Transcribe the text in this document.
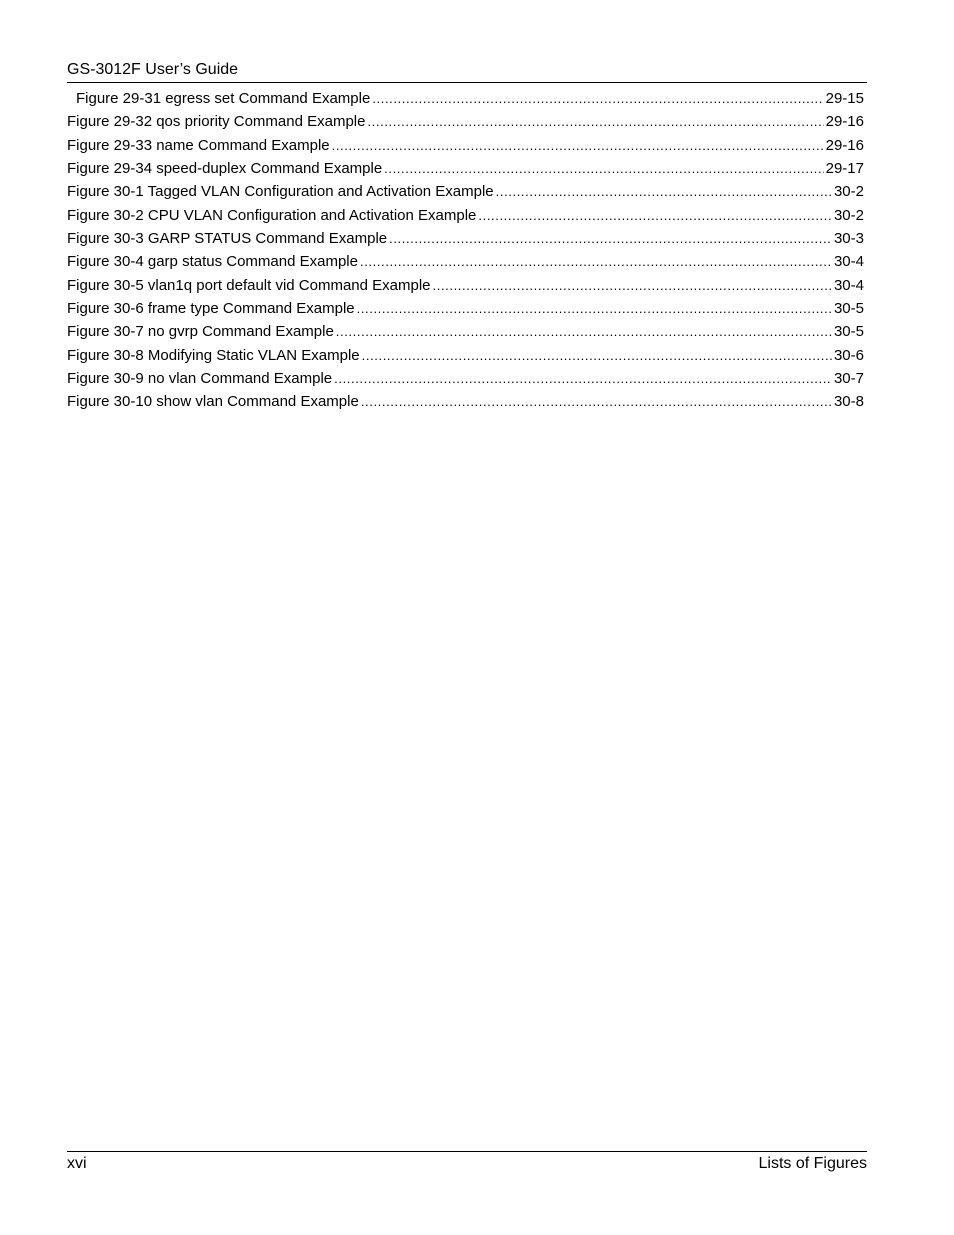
GS-3012F User’s Guide
Figure 29-31 egress set Command Example .....	29-15
Figure 29-32 qos priority Command Example .....	29-16
Figure 29-33 name Command Example .....	29-16
Figure 29-34 speed-duplex Command Example .....	29-17
Figure 30-1 Tagged VLAN Configuration and Activation Example .....	30-2
Figure 30-2 CPU VLAN Configuration and Activation Example .....	30-2
Figure 30-3 GARP STATUS Command Example .....	30-3
Figure 30-4 garp status Command Example .....	30-4
Figure 30-5 vlan1q port default vid Command Example .....	30-4
Figure 30-6 frame type Command Example .....	30-5
Figure 30-7 no gvrp Command Example .....	30-5
Figure 30-8 Modifying Static VLAN Example .....	30-6
Figure 30-9 no vlan Command Example .....	30-7
Figure 30-10 show vlan Command Example .....	30-8
xvi	Lists of Figures
